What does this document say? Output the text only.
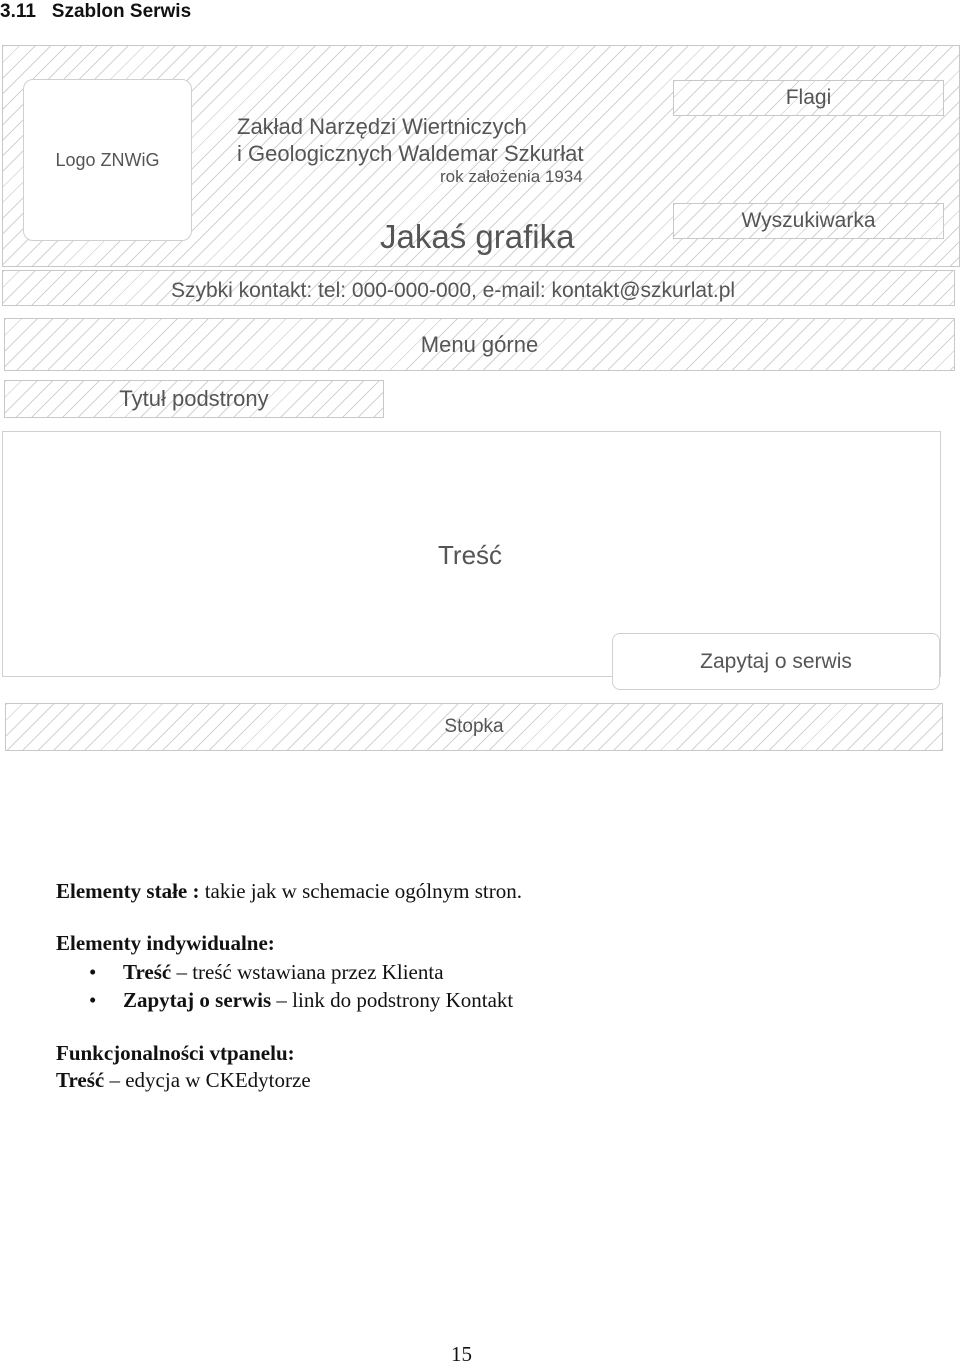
3.11 Szablon Serwis
Logo ZNWiG
Zakład Narzędzi Wiertniczych
i Geologicznych Waldemar Szkurłat
rok założenia 1934
Jakaś grafika
Flagi
Wyszukiwarka
Szybki kontakt: tel: 000-000-000, e-mail: kontakt@szkurlat.pl
Menu górne
Tytuł podstrony
Treść
Zapytaj o serwis
Stopka
Elementy stałe : takie jak w schemacie ogólnym stron.
Elementy indywidualne:
• Treść – treść wstawiana przez Klienta
• Zapytaj o serwis – link do podstrony Kontakt
Funkcjonalności vtpanelu:
Treść – edycja w CKEdytorze
15
